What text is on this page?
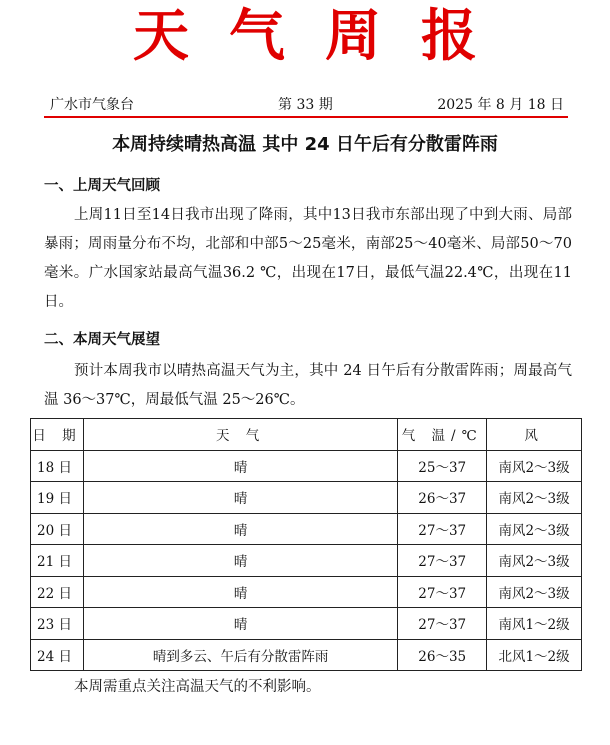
天气周报
广水市气象台	第 33 期	2025 年 8 月 18 日
本周持续晴热高温 其中 24 日午后有分散雷阵雨
一、上周天气回顾
上周11日至14日我市出现了降雨，其中13日我市东部出现了中到大雨、局部暴雨；周雨量分布不均，北部和中部5～25毫米，南部25～40毫米、局部50～70毫米。广水国家站最高气温36.2 ℃，出现在17日，最低气温22.4℃，出现在11日。
二、本周天气展望
预计本周我市以晴热高温天气为主，其中 24 日午后有分散雷阵雨；周最高气温 36～37℃，周最低气温 25～26℃。
日 期	天 气	气 温/℃	风
18 日	晴	25～37	南风2～3级
19 日	晴	26～37	南风2～3级
20 日	晴	27～37	南风2～3级
21 日	晴	27～37	南风2～3级
22 日	晴	27～37	南风2～3级
23 日	晴	27～37	南风1～2级
24 日	晴到多云、午后有分散雷阵雨	26～35	北风1～2级
本周需重点关注高温天气的不利影响。
